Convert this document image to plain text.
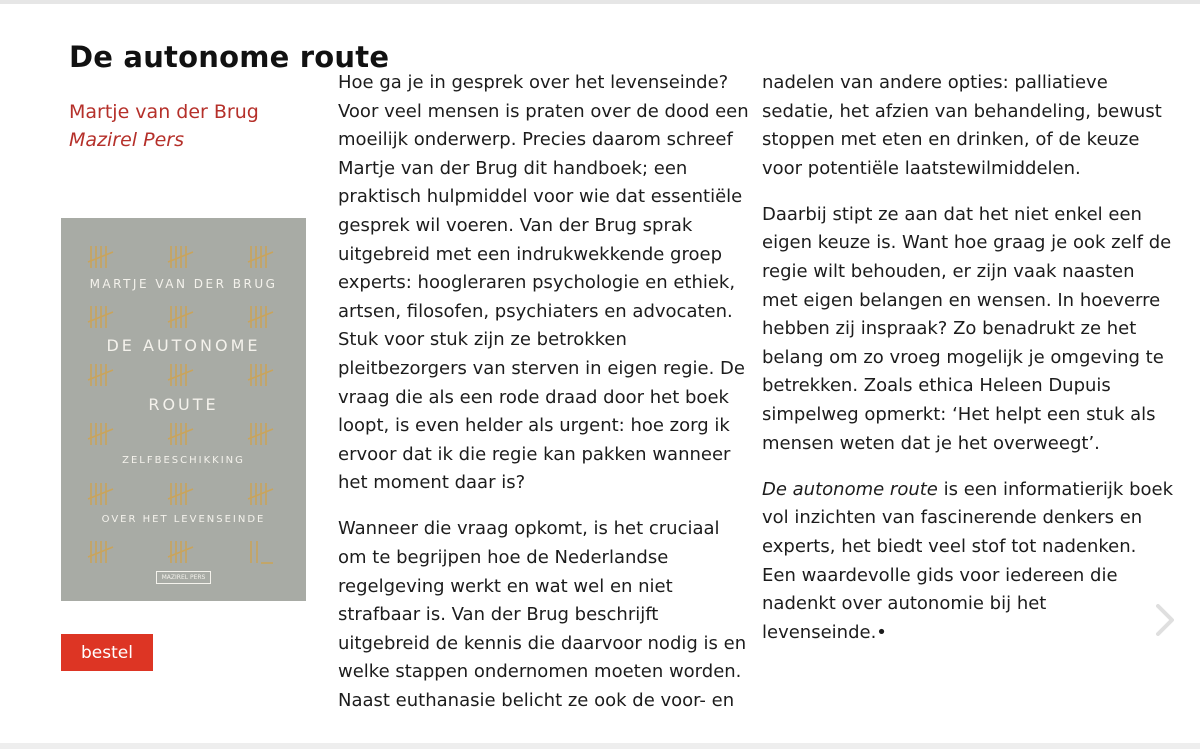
De autonome route
Martje van der Brug
Mazirel Pers
MARTJE VAN DER BRUG
DE AUTONOME
ROUTE
ZELFBESCHIKKING
OVER HET LEVENSEINDE
MAZIREL PERS
bestel

Hoe ga je in gesprek over het levenseinde?
Voor veel mensen is praten over de dood een
moeilijk onderwerp. Precies daarom schreef
Martje van der Brug dit handboek; een
praktisch hulpmiddel voor wie dat essentiële
gesprek wil voeren. Van der Brug sprak
uitgebreid met een indrukwekkende groep
experts: hoogleraren psychologie en ethiek,
artsen, filosofen, psychiaters en advocaten.
Stuk voor stuk zijn ze betrokken
pleitbezorgers van sterven in eigen regie. De
vraag die als een rode draad door het boek
loopt, is even helder als urgent: hoe zorg ik
ervoor dat ik die regie kan pakken wanneer
het moment daar is?

Wanneer die vraag opkomt, is het cruciaal
om te begrijpen hoe de Nederlandse
regelgeving werkt en wat wel en niet
strafbaar is. Van der Brug beschrijft
uitgebreid de kennis die daarvoor nodig is en
welke stappen ondernomen moeten worden.
Naast euthanasie belicht ze ook de voor- en

nadelen van andere opties: palliatieve
sedatie, het afzien van behandeling, bewust
stoppen met eten en drinken, of de keuze
voor potentiële laatstewilmiddelen.

Daarbij stipt ze aan dat het niet enkel een
eigen keuze is. Want hoe graag je ook zelf de
regie wilt behouden, er zijn vaak naasten
met eigen belangen en wensen. In hoeverre
hebben zij inspraak? Zo benadrukt ze het
belang om zo vroeg mogelijk je omgeving te
betrekken. Zoals ethica Heleen Dupuis
simpelweg opmerkt: ‘Het helpt een stuk als
mensen weten dat je het overweegt’.

De autonome route is een informatierijk boek
vol inzichten van fascinerende denkers en
experts, het biedt veel stof tot nadenken.
Een waardevolle gids voor iedereen die
nadenkt over autonomie bij het
levenseinde.•
